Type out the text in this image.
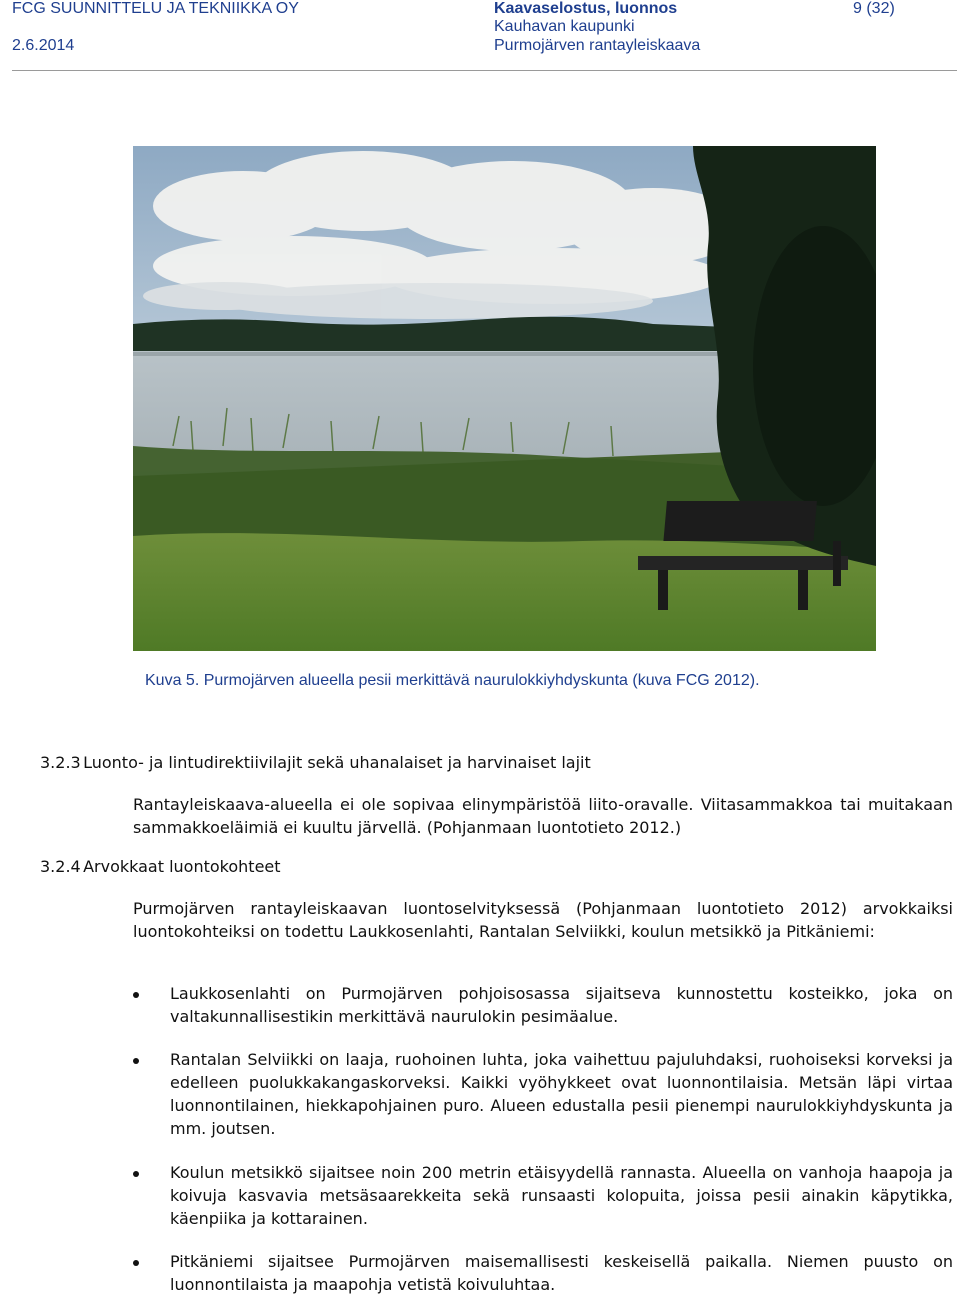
FCG SUUNNITTELU JA TEKNIIKKA OY
2.6.2014
Kaavaselostus, luonnos
Kauhavan kaupunki
Purmojärven rantayleiskaava
9 (32)
Kuva 5. Purmojärven alueella pesii merkittävä naurulokkiyhdyskunta (kuva FCG 2012).
3.2.3 Luonto- ja lintudirektiivilajit sekä uhanalaiset ja harvinaiset lajit
Rantayleiskaava-alueella ei ole sopivaa elinympäristöä liito-oravalle. Viitasammakkoa tai muitakaan sammakkoeläimiä ei kuultu järvellä. (Pohjanmaan luontotieto 2012.)
3.2.4 Arvokkaat luontokohteet
Purmojärven rantayleiskaavan luontoselvityksessä (Pohjanmaan luontotieto 2012) arvokkaiksi luontokohteiksi on todettu Laukkosenlahti, Rantalan Selviikki, koulun metsikkö ja Pitkäniemi:
Laukkosenlahti on Purmojärven pohjoisosassa sijaitseva kunnostettu kosteikko, joka on valtakunnallisestikin merkittävä naurulokin pesimäalue.
Rantalan Selviikki on laaja, ruohoinen luhta, joka vaihettuu pajuluhdaksi, ruohoiseksi korveksi ja edelleen puolukkakangaskorveksi. Kaikki vyöhykkeet ovat luonnontilaisia. Metsän läpi virtaa luonnontilainen, hiekkapohjainen puro. Alueen edustalla pesii pienempi naurulokkiyhdyskunta ja mm. joutsen.
Koulun metsikkö sijaitsee noin 200 metrin etäisyydellä rannasta. Alueella on vanhoja haapoja ja koivuja kasvavia metsäsaarekkeita sekä runsaasti kolopuita, joissa pesii ainakin käpytikka, käenpiika ja kottarainen.
Pitkäniemi sijaitsee Purmojärven maisemallisesti keskeisellä paikalla. Niemen puusto on luonnontilaista ja maapohja vetistä koivuluhtaa.
